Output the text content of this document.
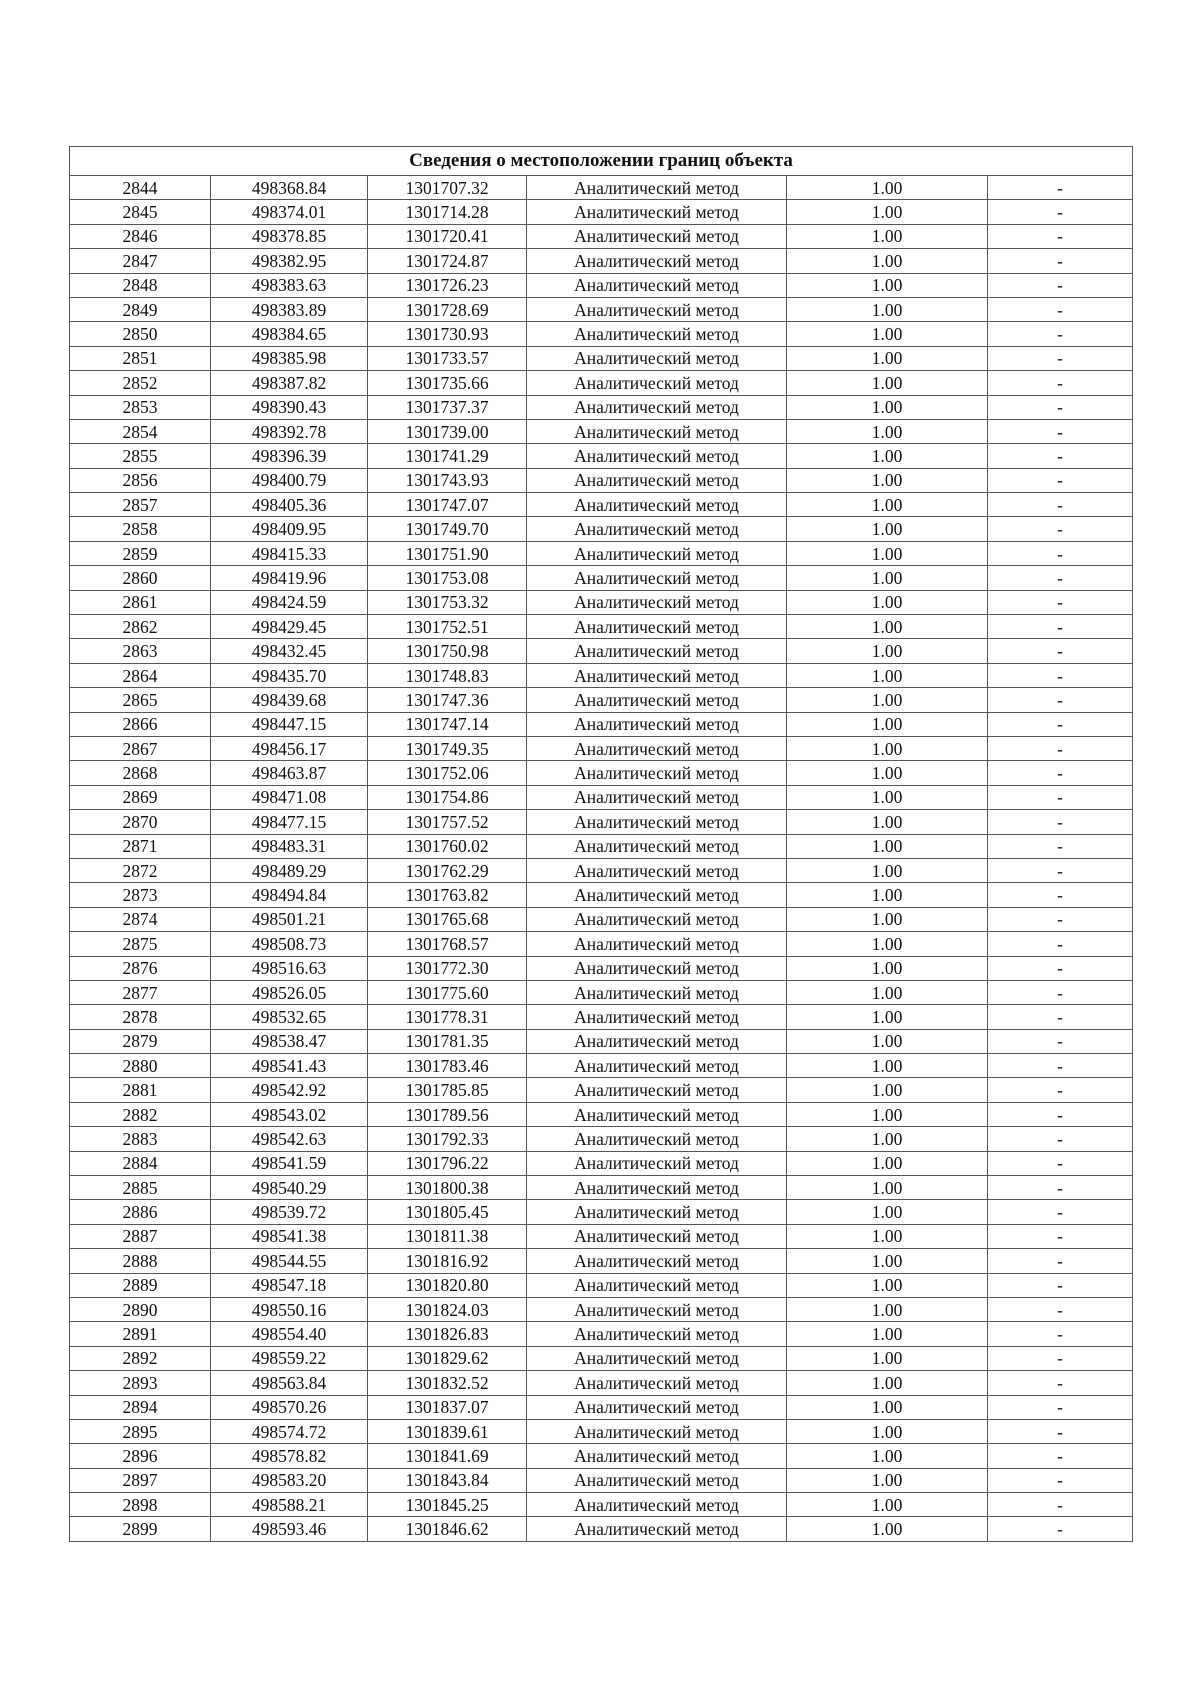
Сведения о местоположении границ объекта					
2844	498368.84	1301707.32	Аналитический метод	1.00	-
2845	498374.01	1301714.28	Аналитический метод	1.00	-
2846	498378.85	1301720.41	Аналитический метод	1.00	-
2847	498382.95	1301724.87	Аналитический метод	1.00	-
2848	498383.63	1301726.23	Аналитический метод	1.00	-
2849	498383.89	1301728.69	Аналитический метод	1.00	-
2850	498384.65	1301730.93	Аналитический метод	1.00	-
2851	498385.98	1301733.57	Аналитический метод	1.00	-
2852	498387.82	1301735.66	Аналитический метод	1.00	-
2853	498390.43	1301737.37	Аналитический метод	1.00	-
2854	498392.78	1301739.00	Аналитический метод	1.00	-
2855	498396.39	1301741.29	Аналитический метод	1.00	-
2856	498400.79	1301743.93	Аналитический метод	1.00	-
2857	498405.36	1301747.07	Аналитический метод	1.00	-
2858	498409.95	1301749.70	Аналитический метод	1.00	-
2859	498415.33	1301751.90	Аналитический метод	1.00	-
2860	498419.96	1301753.08	Аналитический метод	1.00	-
2861	498424.59	1301753.32	Аналитический метод	1.00	-
2862	498429.45	1301752.51	Аналитический метод	1.00	-
2863	498432.45	1301750.98	Аналитический метод	1.00	-
2864	498435.70	1301748.83	Аналитический метод	1.00	-
2865	498439.68	1301747.36	Аналитический метод	1.00	-
2866	498447.15	1301747.14	Аналитический метод	1.00	-
2867	498456.17	1301749.35	Аналитический метод	1.00	-
2868	498463.87	1301752.06	Аналитический метод	1.00	-
2869	498471.08	1301754.86	Аналитический метод	1.00	-
2870	498477.15	1301757.52	Аналитический метод	1.00	-
2871	498483.31	1301760.02	Аналитический метод	1.00	-
2872	498489.29	1301762.29	Аналитический метод	1.00	-
2873	498494.84	1301763.82	Аналитический метод	1.00	-
2874	498501.21	1301765.68	Аналитический метод	1.00	-
2875	498508.73	1301768.57	Аналитический метод	1.00	-
2876	498516.63	1301772.30	Аналитический метод	1.00	-
2877	498526.05	1301775.60	Аналитический метод	1.00	-
2878	498532.65	1301778.31	Аналитический метод	1.00	-
2879	498538.47	1301781.35	Аналитический метод	1.00	-
2880	498541.43	1301783.46	Аналитический метод	1.00	-
2881	498542.92	1301785.85	Аналитический метод	1.00	-
2882	498543.02	1301789.56	Аналитический метод	1.00	-
2883	498542.63	1301792.33	Аналитический метод	1.00	-
2884	498541.59	1301796.22	Аналитический метод	1.00	-
2885	498540.29	1301800.38	Аналитический метод	1.00	-
2886	498539.72	1301805.45	Аналитический метод	1.00	-
2887	498541.38	1301811.38	Аналитический метод	1.00	-
2888	498544.55	1301816.92	Аналитический метод	1.00	-
2889	498547.18	1301820.80	Аналитический метод	1.00	-
2890	498550.16	1301824.03	Аналитический метод	1.00	-
2891	498554.40	1301826.83	Аналитический метод	1.00	-
2892	498559.22	1301829.62	Аналитический метод	1.00	-
2893	498563.84	1301832.52	Аналитический метод	1.00	-
2894	498570.26	1301837.07	Аналитический метод	1.00	-
2895	498574.72	1301839.61	Аналитический метод	1.00	-
2896	498578.82	1301841.69	Аналитический метод	1.00	-
2897	498583.20	1301843.84	Аналитический метод	1.00	-
2898	498588.21	1301845.25	Аналитический метод	1.00	-
2899	498593.46	1301846.62	Аналитический метод	1.00	-
